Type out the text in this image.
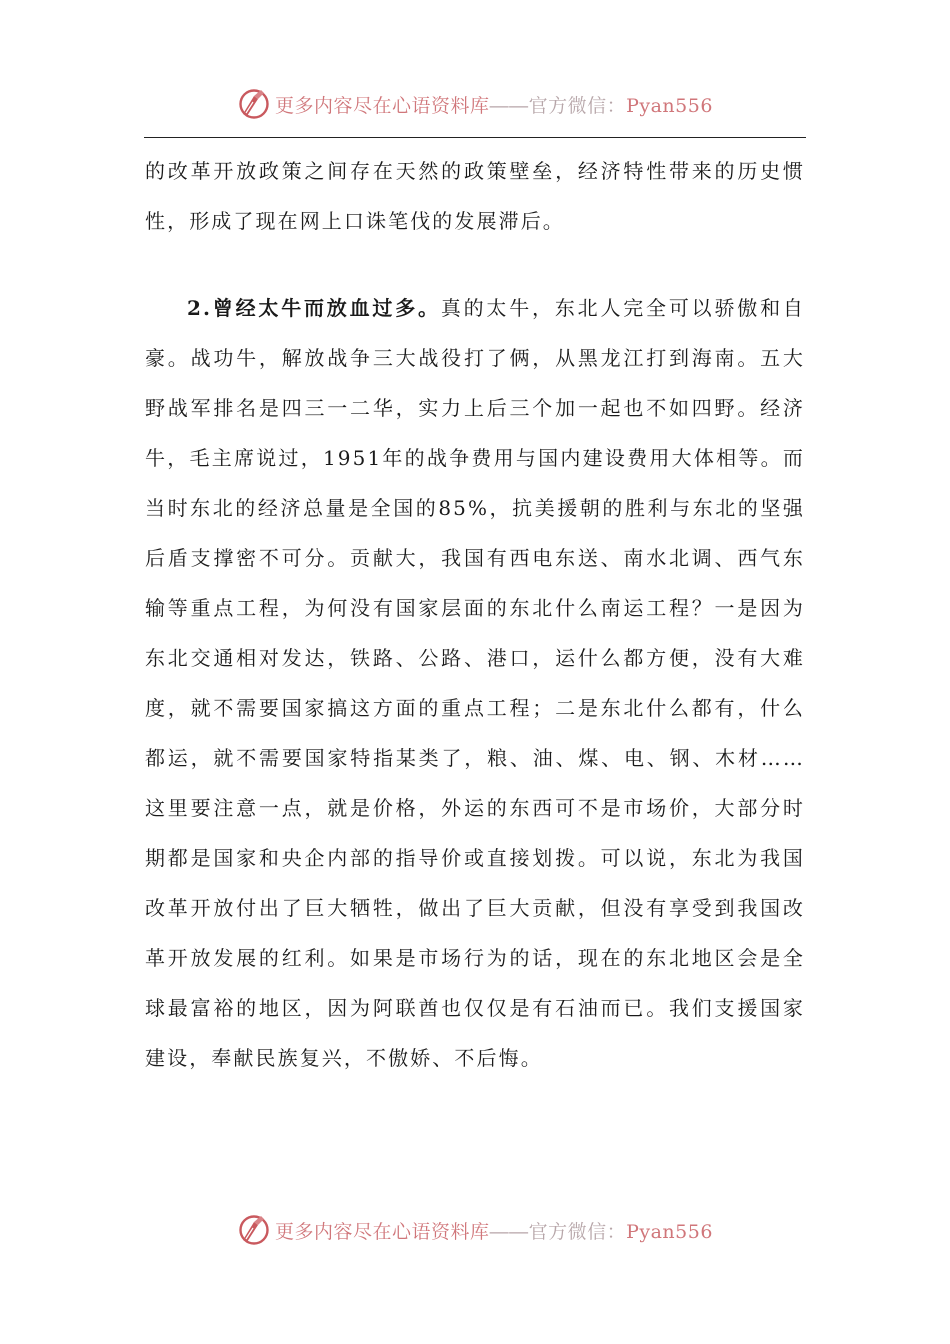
更多内容尽在心语资料库——官方微信：Pyan556

的改革开放政策之间存在天然的政策壁垒，经济特性带来的历史惯性，形成了现在网上口诛笔伐的发展滞后。

2.曾经太牛而放血过多。真的太牛，东北人完全可以骄傲和自豪。战功牛，解放战争三大战役打了俩，从黑龙江打到海南。五大野战军排名是四三一二华，实力上后三个加一起也不如四野。经济牛，毛主席说过，1951年的战争费用与国内建设费用大体相等。而当时东北的经济总量是全国的85%，抗美援朝的胜利与东北的坚强后盾支撑密不可分。贡献大，我国有西电东送、南水北调、西气东输等重点工程，为何没有国家层面的东北什么南运工程？一是因为东北交通相对发达，铁路、公路、港口，运什么都方便，没有大难度，就不需要国家搞这方面的重点工程；二是东北什么都有，什么都运，就不需要国家特指某类了，粮、油、煤、电、钢、木材……这里要注意一点，就是价格，外运的东西可不是市场价，大部分时期都是国家和央企内部的指导价或直接划拨。可以说，东北为我国改革开放付出了巨大牺牲，做出了巨大贡献，但没有享受到我国改革开放发展的红利。如果是市场行为的话，现在的东北地区会是全球最富裕的地区，因为阿联酋也仅仅是有石油而已。我们支援国家建设，奉献民族复兴，不傲娇、不后悔。

更多内容尽在心语资料库——官方微信：Pyan556
